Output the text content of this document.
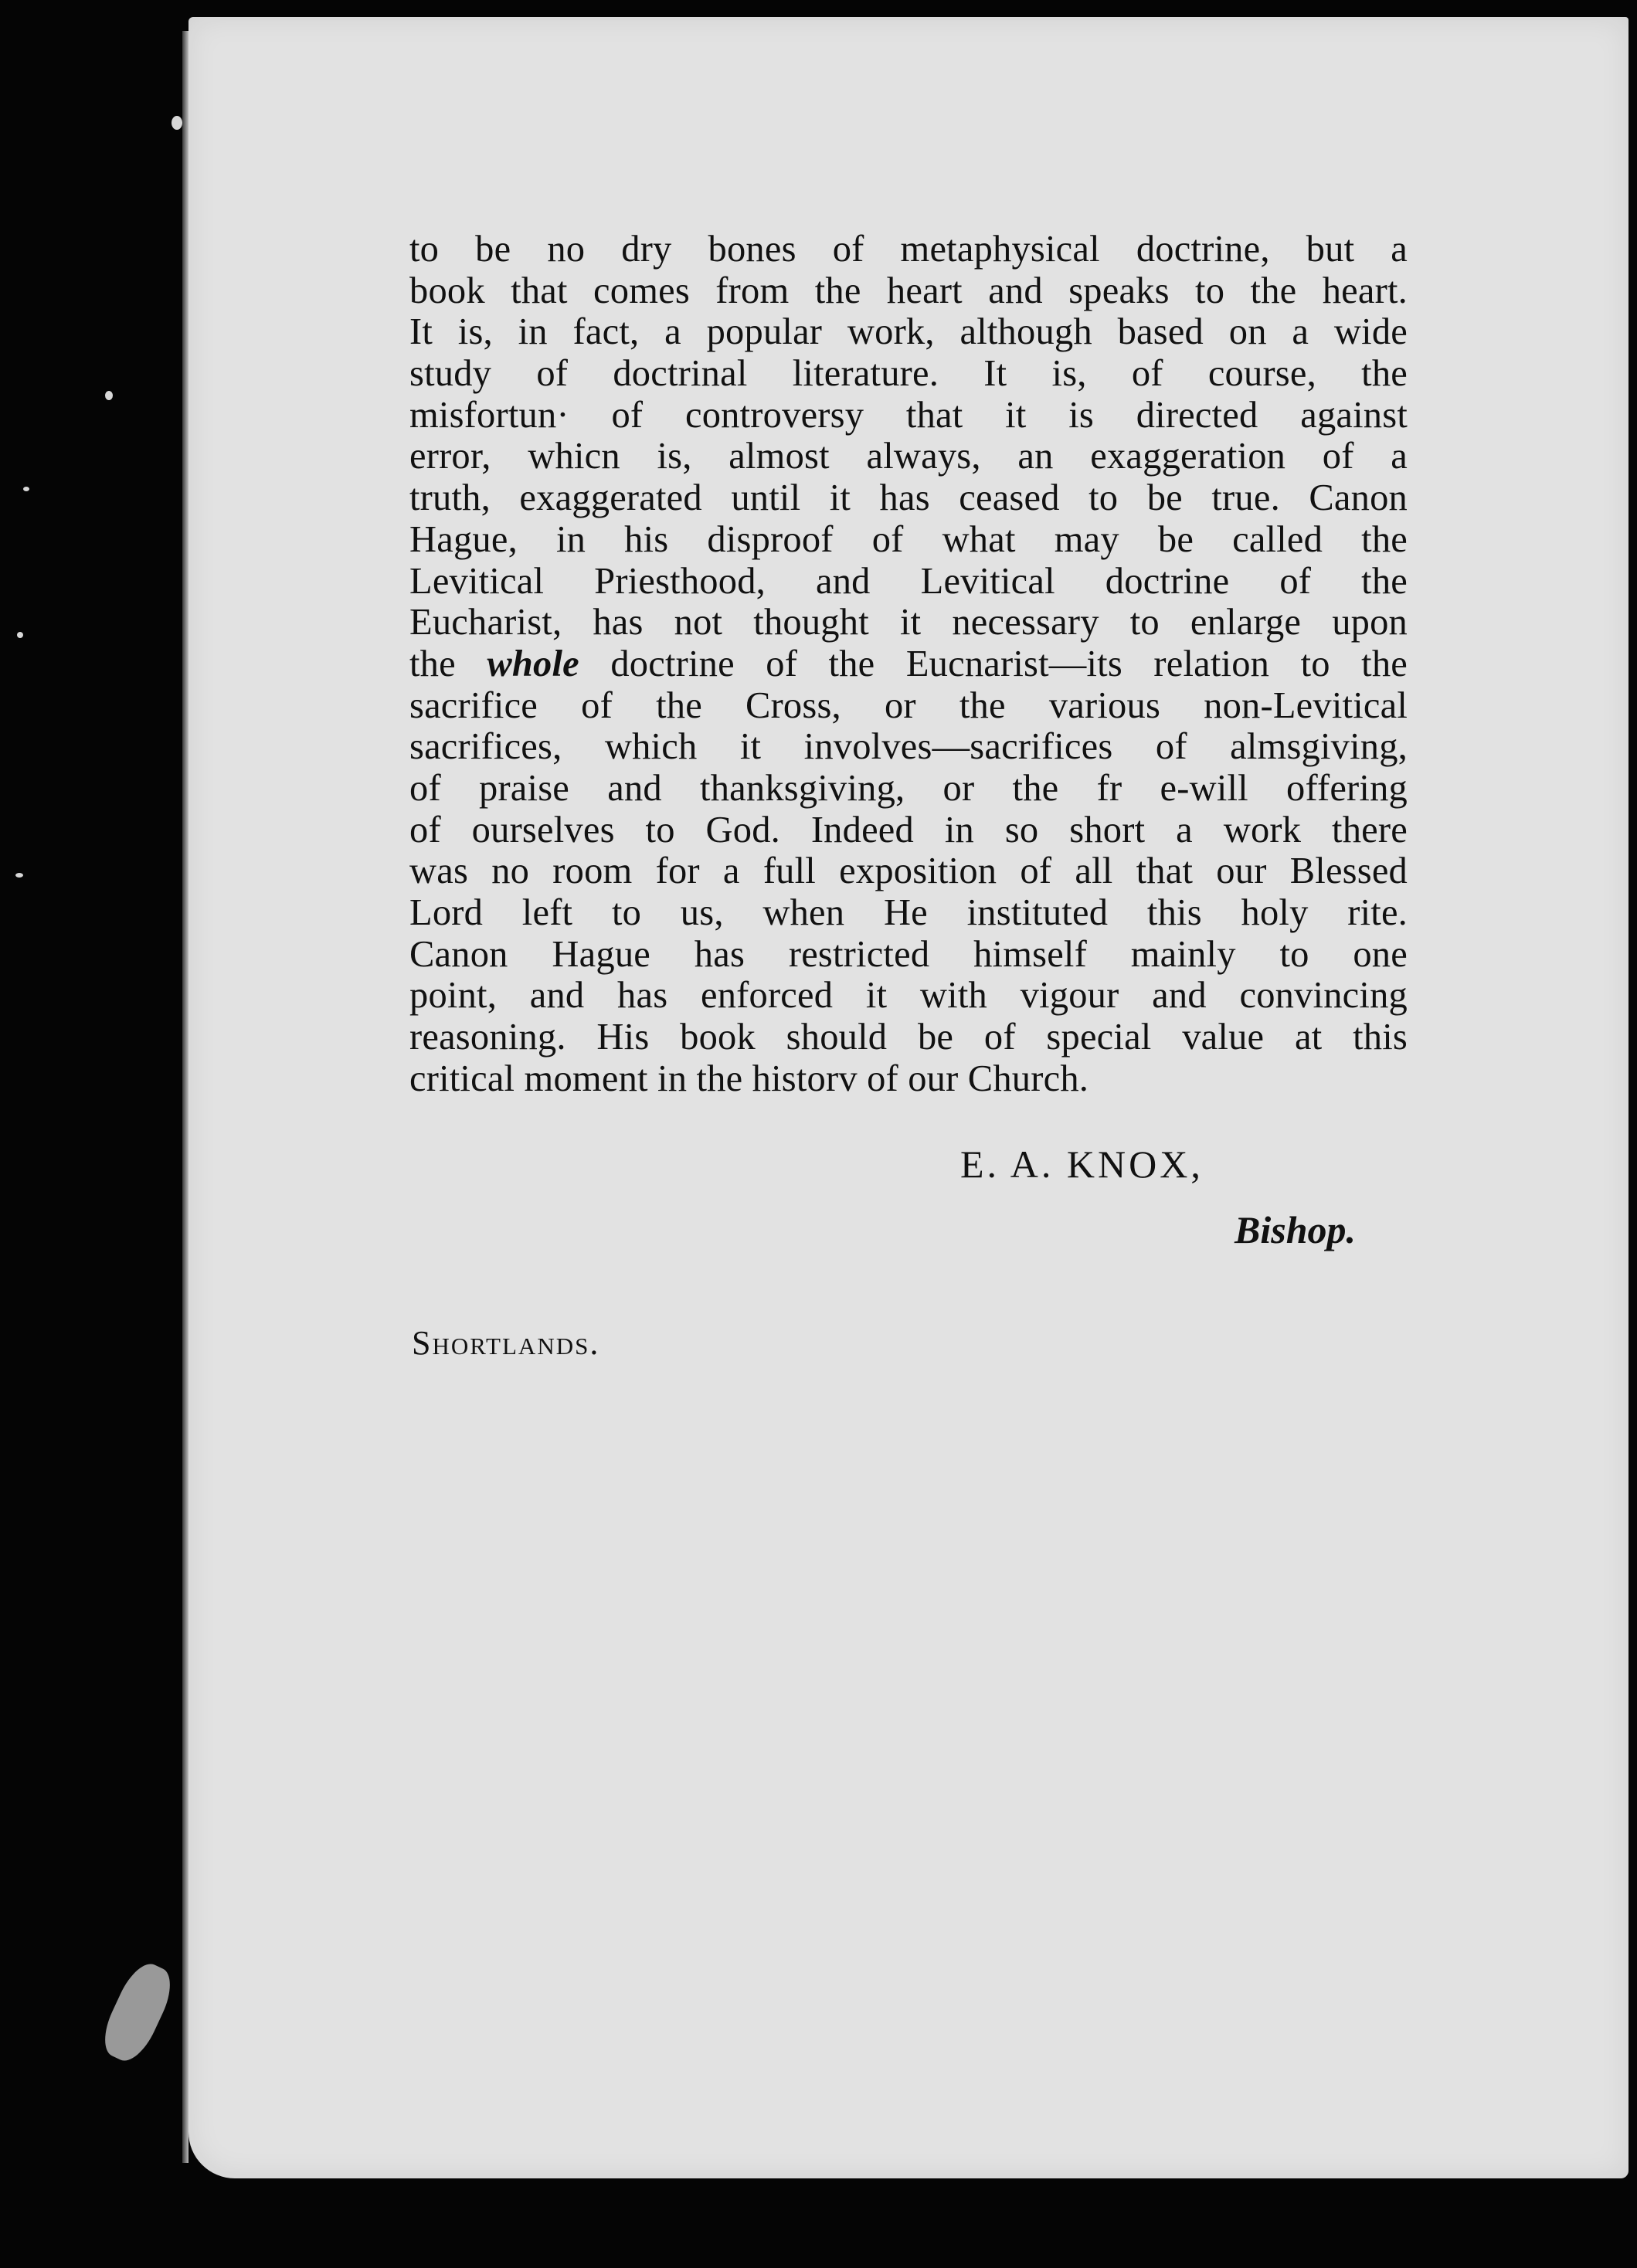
to be no dry bones of metaphysical doctrine, but a
book that comes from the heart and speaks to the heart.
It is, in fact, a popular work, although based on a wide
study of doctrinal literature. It is, of course, the
misfortun· of controversy that it is directed against
error, whicn is, almost always, an exaggeration of a
truth, exaggerated until it has ceased to be true. Canon
Hague, in his disproof of what may be called the
Levitical Priesthood, and Levitical doctrine of the
Eucharist, has not thought it necessary to enlarge upon
the whole doctrine of the Eucnarist—its relation to the
sacrifice of the Cross, or the various non-Levitical
sacrifices, which it involves—sacrifices of almsgiving,
of praise and thanksgiving, or the fr e-will offering
of ourselves to God. Indeed in so short a work there
was no room for a full exposition of all that our Blessed
Lord left to us, when He instituted this holy rite.
Canon Hague has restricted himself mainly to one
point, and has enforced it with vigour and convincing
reasoning. His book should be of special value at this
critical moment in the historv of our Church.
E. A. KNOX,
Bishop.
Shortlands.
